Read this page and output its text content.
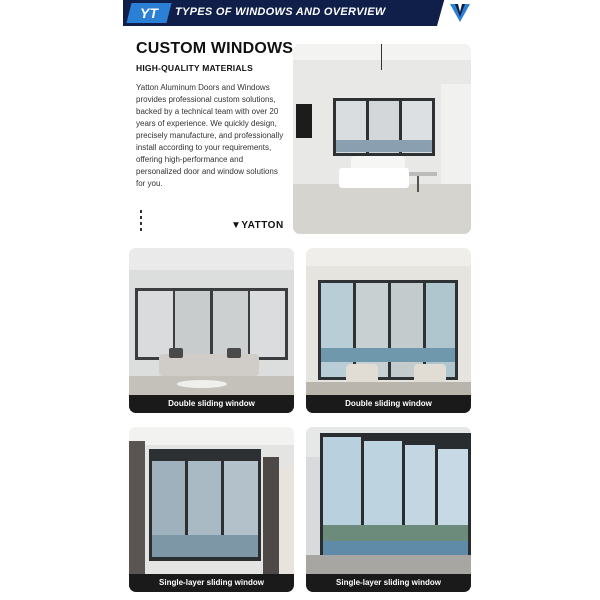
YT	TYPES OF WINDOWS AND OVERVIEW
CUSTOM WINDOWS
HIGH-QUALITY MATERIALS
Yatton Aluminum Doors and Windows provides professional custom solutions, backed by a technical team with over 20 years of experience. We quickly design, precisely manufacture, and professionally install according to your requirements, offering high-performance and personalized door and window solutions for you.
▼YATTON
Double sliding window	Double sliding window
Single-layer sliding window	Single-layer sliding window
